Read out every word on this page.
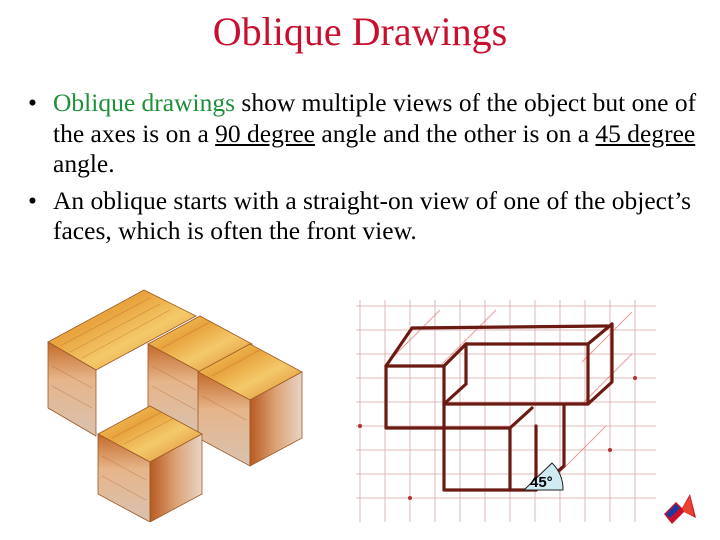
Oblique Drawings
• Oblique drawings show multiple views of the object but one of the axes is on a 90 degree angle and the other is on a 45 degree angle.
• An oblique starts with a straight-on view of one of the object’s faces, which is often the front view.
45°
